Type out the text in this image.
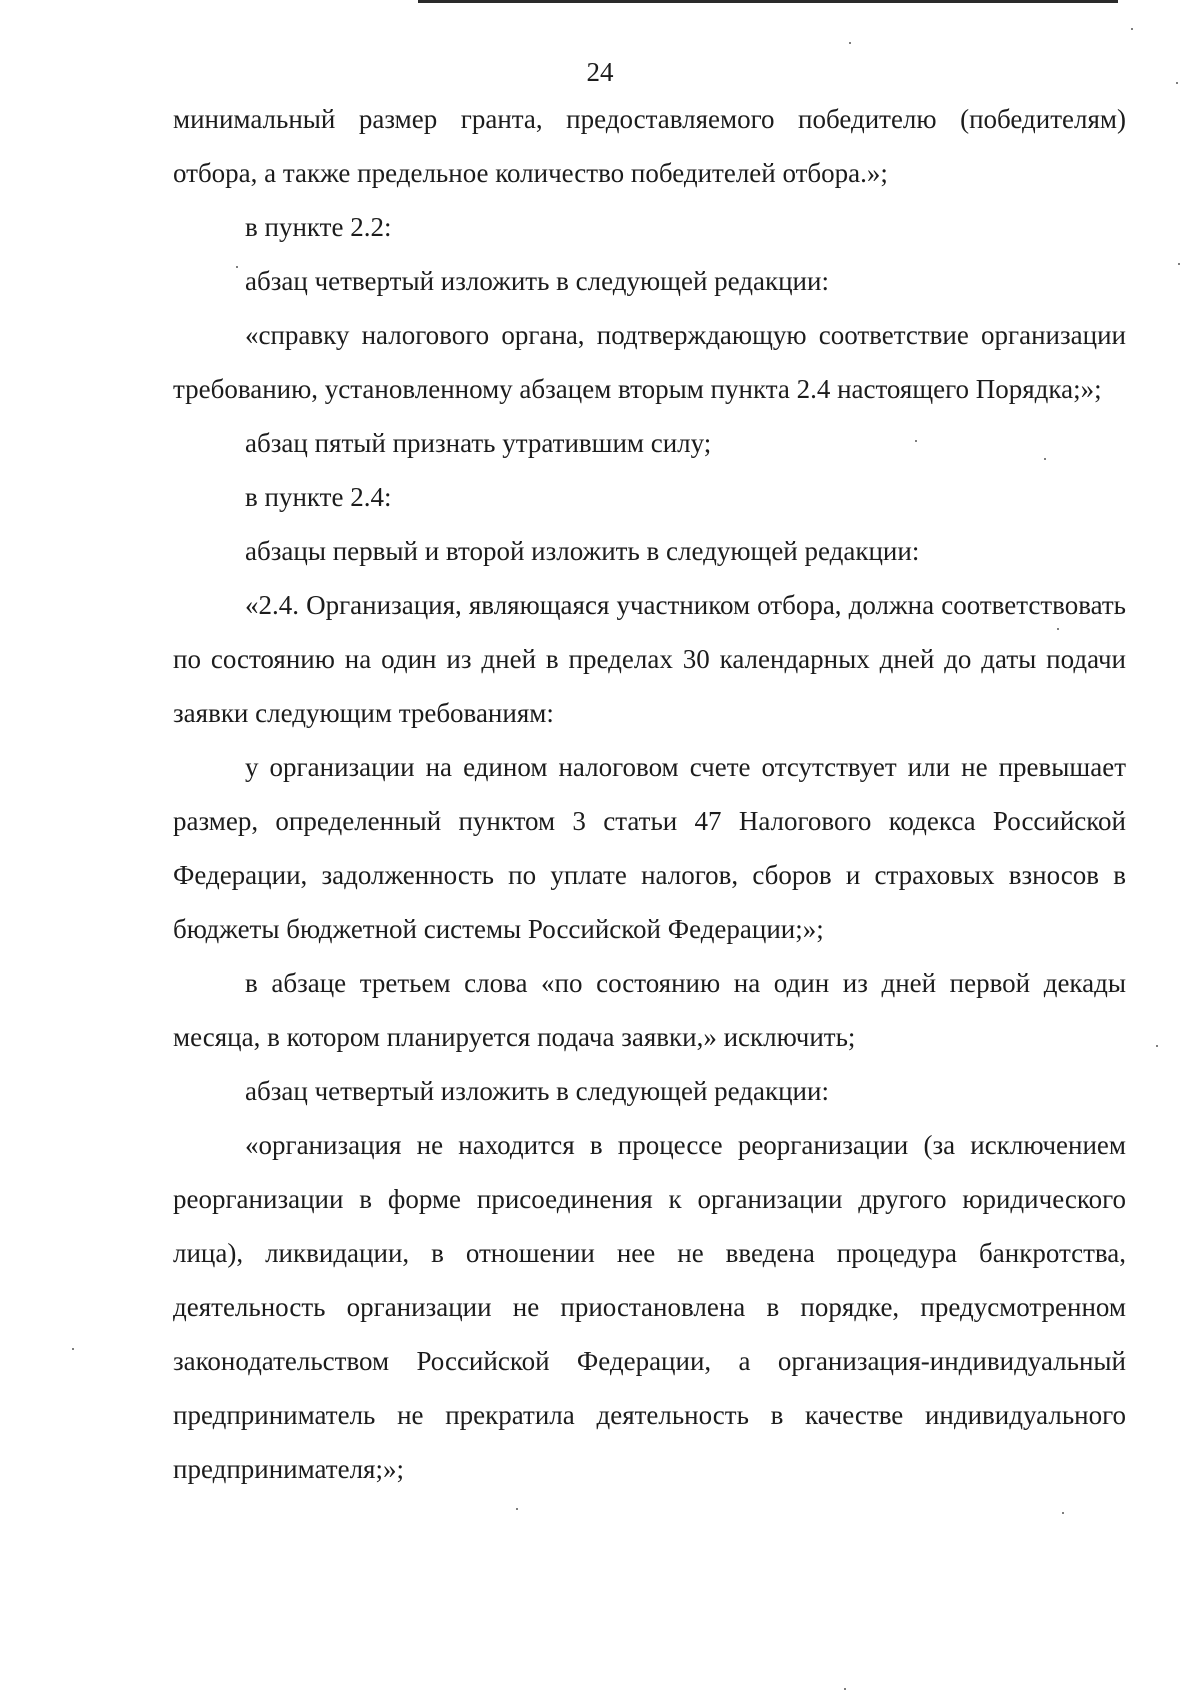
24

минимальный размер гранта, предоставляемого победителю (победителям) отбора, а также предельное количество победителей отбора.»;

в пункте 2.2:

абзац четвертый изложить в следующей редакции:

«справку налогового органа, подтверждающую соответствие организации требованию, установленному абзацем вторым пункта 2.4 настоящего Порядка;»;

абзац пятый признать утратившим силу;

в пункте 2.4:

абзацы первый и второй изложить в следующей редакции:

«2.4. Организация, являющаяся участником отбора, должна соответствовать по состоянию на один из дней в пределах 30 календарных дней до даты подачи заявки следующим требованиям:

у организации на едином налоговом счете отсутствует или не превышает размер, определенный пунктом 3 статьи 47 Налогового кодекса Российской Федерации, задолженность по уплате налогов, сборов и страховых взносов в бюджеты бюджетной системы Российской Федерации;»;

в абзаце третьем слова «по состоянию на один из дней первой декады месяца, в котором планируется подача заявки,» исключить;

абзац четвертый изложить в следующей редакции:

«организация не находится в процессе реорганизации (за исключением реорганизации в форме присоединения к организации другого юридического лица), ликвидации, в отношении нее не введена процедура банкротства, деятельность организации не приостановлена в порядке, предусмотренном законодательством Российской Федерации, а организация-индивидуальный предприниматель не прекратила деятельность в качестве индивидуального предпринимателя;»;
